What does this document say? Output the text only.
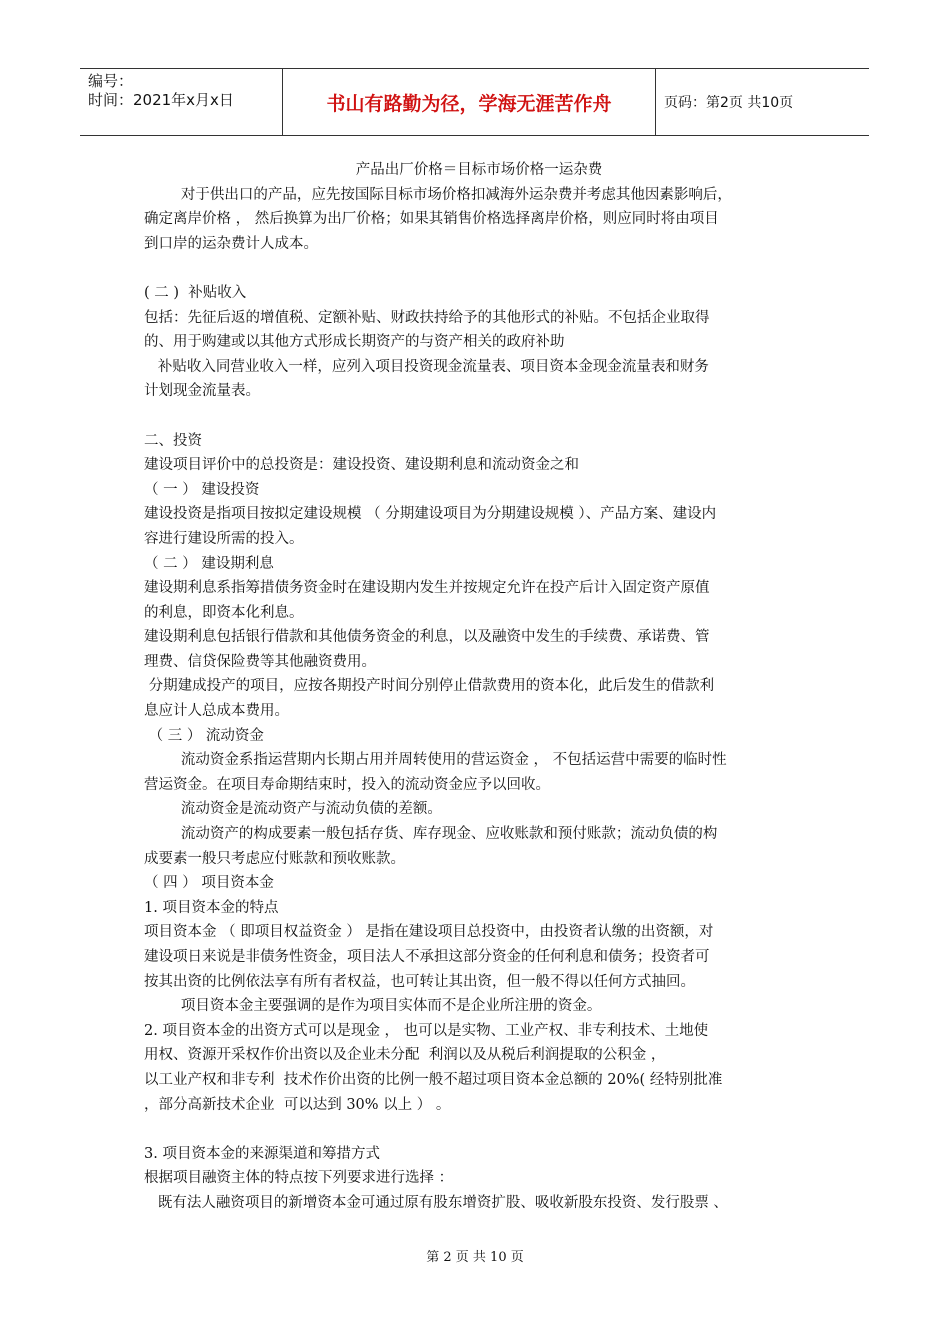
编号：
时间：2021年x月x日	书山有路勤为径，学海无涯苦作舟	页码：第2页 共10页

产品出厂价格＝目标市场价格一运杂费

对于供出口的产品，应先按国际目标市场价格扣减海外运杂费并考虑其他因素影响后，

确定离岸价格 ， 然后换算为出厂价格；如果其销售价格选择离岸价格，则应同时将由项目

到口岸的运杂费计人成本。

( 二 )  补贴收入

包括：先征后返的增值税、定额补贴、财政扶持给予的其他形式的补贴。不包括企业取得

的、用于购建或以其他方式形成长期资产的与资产相关的政府补助

补贴收入同营业收入一样，应列入项目投资现金流量表、项目资本金现金流量表和财务

计划现金流量表。

二、投资

建设项目评价中的总投资是：建设投资、建设期利息和流动资金之和

（ 一 ） 建设投资

建设投资是指项目按拟定建设规模 （ 分期建设项目为分期建设规模 ）、产品方案、建设内

容进行建设所需的投入。

（ 二 ） 建设期利息

建设期利息系指筹措债务资金时在建设期内发生并按规定允许在投产后计入固定资产原值

的利息，即资本化利息。

建设期利息包括银行借款和其他债务资金的利息，以及融资中发生的手续费、承诺费、管

理费、信贷保险费等其他融资费用。

分期建成投产的项目，应按各期投产时间分别停止借款费用的资本化，此后发生的借款利

息应计人总成本费用。

（ 三 ） 流动资金

流动资金系指运营期内长期占用并周转使用的营运资金 ， 不包括运营中需要的临时性

营运资金。在项目寿命期结束时，投入的流动资金应予以回收。

流动资金是流动资产与流动负债的差额。

流动资产的构成要素一般包括存货、库存现金、应收账款和预付账款；流动负债的构

成要素一般只考虑应付账款和预收账款。

（ 四 ） 项目资本金

1. 项目资本金的特点

项目资本金 （ 即项目权益资金 ） 是指在建设项目总投资中，由投资者认缴的出资额，对

建设项日来说是非债务性资金，项目法人不承担这部分资金的任何利息和债务；投资者可

按其出资的比例依法享有所有者权益，也可转让其出资，但一般不得以任何方式抽回。

项目资本金主要强调的是作为项目实体而不是企业所注册的资金。

2. 项目资本金的出资方式可以是现金 ， 也可以是实物、工业产权、非专利技术、土地使

用权、资源开采权作价出资以及企业未分配  利润以及从税后利润提取的公积金 ，

以工业产权和非专利  技术作价出资的比例一般不超过项目资本金总额的 20%( 经特别批准

，部分高新技术企业  可以达到 30% 以上 ） 。

3. 项目资本金的来源渠道和筹措方式

根据项目融资主体的特点按下列要求进行选择 ：

既有法人融资项目的新增资本金可通过原有股东增资扩股、吸收新股东投资、发行股票 、

第 2 页 共 10 页
